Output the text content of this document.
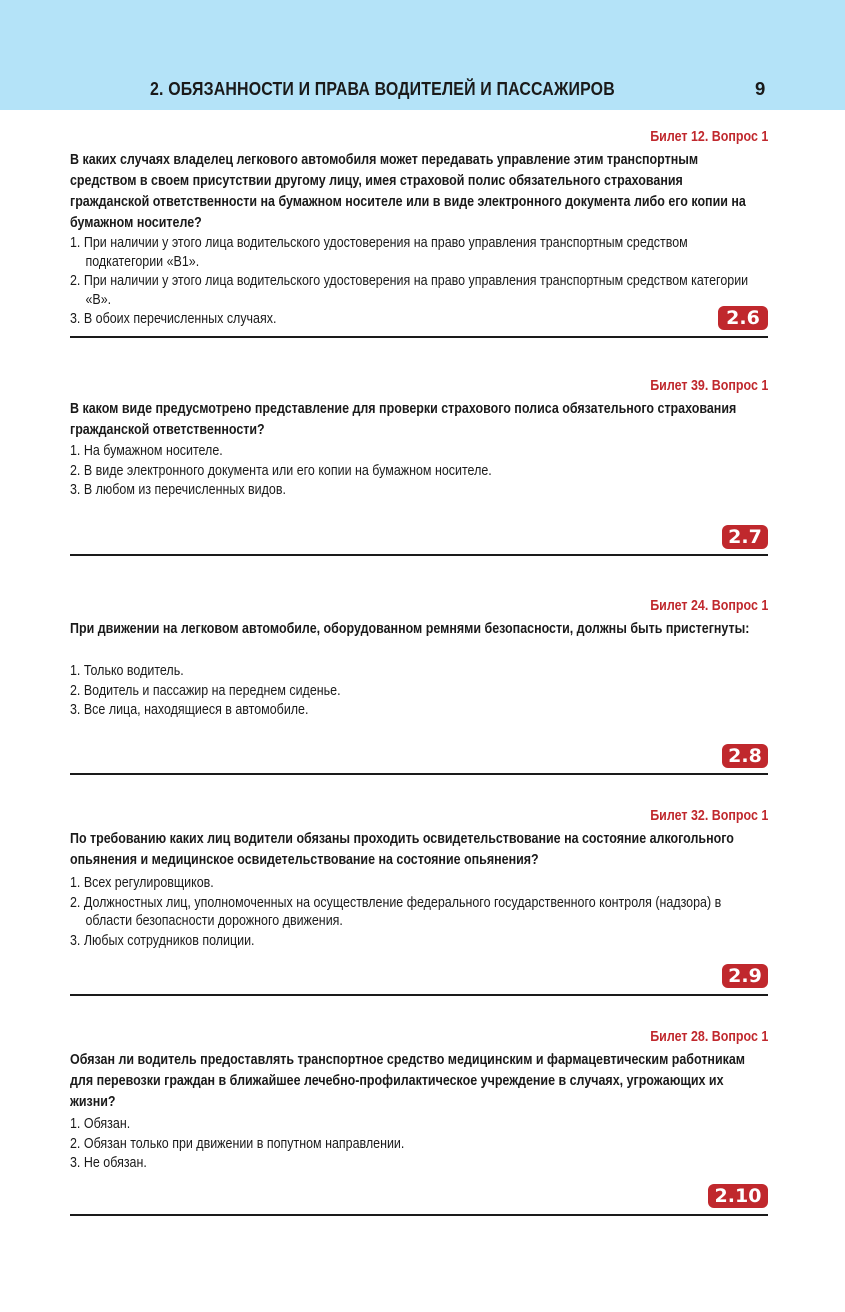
2. ОБЯЗАННОСТИ И ПРАВА ВОДИТЕЛЕЙ И ПАССАЖИРОВ	9
Билет 12. Вопрос 1
В каких случаях владелец легкового автомобиля может передавать управление этим транспортным средством в своем присутствии другому лицу, имея страховой полис обязательного страхования гражданской ответственности на бумажном носителе или в виде электронного документа либо его копии на бумажном носителе?
1. При наличии у этого лица водительского удостоверения на право управления транспортным средством подкатегории «В1».
2. При наличии у этого лица водительского удостоверения на право управления транспортным средством категории «В».
3. В обоих перечисленных случаях.	2.6
Билет 39. Вопрос 1
В каком виде предусмотрено представление для проверки страхового полиса обязательного страхования гражданской ответственности?
1. На бумажном носителе.
2. В виде электронного документа или его копии на бумажном носителе.
3. В любом из перечисленных видов.
2.7
Билет 24. Вопрос 1
При движении на легковом автомобиле, оборудованном ремнями безопасности, должны быть пристегнуты:
1. Только водитель.
2. Водитель и пассажир на переднем сиденье.
3. Все лица, находящиеся в автомобиле.
2.8
Билет 32. Вопрос 1
По требованию каких лиц водители обязаны проходить освидетельствование на состояние алкогольного опьянения и медицинское освидетельствование на состояние опьянения?
1. Всех регулировщиков.
2. Должностных лиц, уполномоченных на осуществление федерального государственного контроля (надзора) в области безопасности дорожного движения.
3. Любых сотрудников полиции.
2.9
Билет 28. Вопрос 1
Обязан ли водитель предоставлять транспортное средство медицинским и фармацевтическим работникам для перевозки граждан в ближайшее лечебно-профилактическое учреждение в случаях, угрожающих их жизни?
1. Обязан.
2. Обязан только при движении в попутном направлении.
3. Не обязан.
2.10
